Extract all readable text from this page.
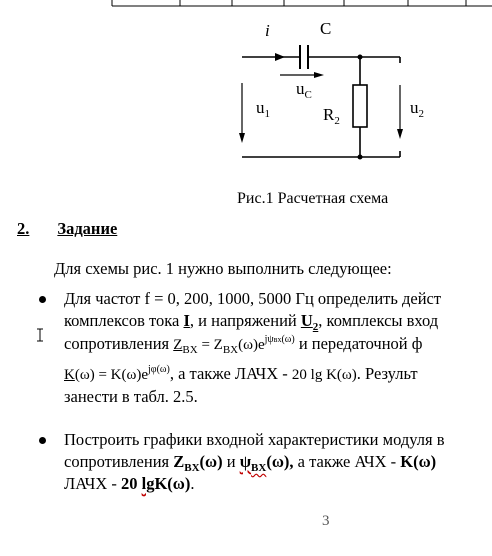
i	C
$u_C$
$u_1$	$R_2$
$u_2$
Рис.1 Расчетная схема
2. Задание
Для схемы рис. 1 нужно выполнить следующее:
Для частот f = 0, 200, 1000, 5000 Гц определить дейст
комплексов тока I, и напряжений $U_2$, комплексы вход
сопротивления $Z_{BX} = Z_{BX}(\omega)e^{j\psi вх(\omega)}$ и передаточной ф
$K(\omega) = K(\omega)e^{j\varphi(\omega)}$, а также ЛАЧХ - 20 lg K(ω). Результ
занести в табл. 2.5.
Построить графики входной характеристики модуля в
сопротивления $Z_{BX}(\omega)$ и $\psi_{BX}(\omega)$, а также АЧХ - K(ω)
ЛАЧХ - 20 lgK(ω).
3
